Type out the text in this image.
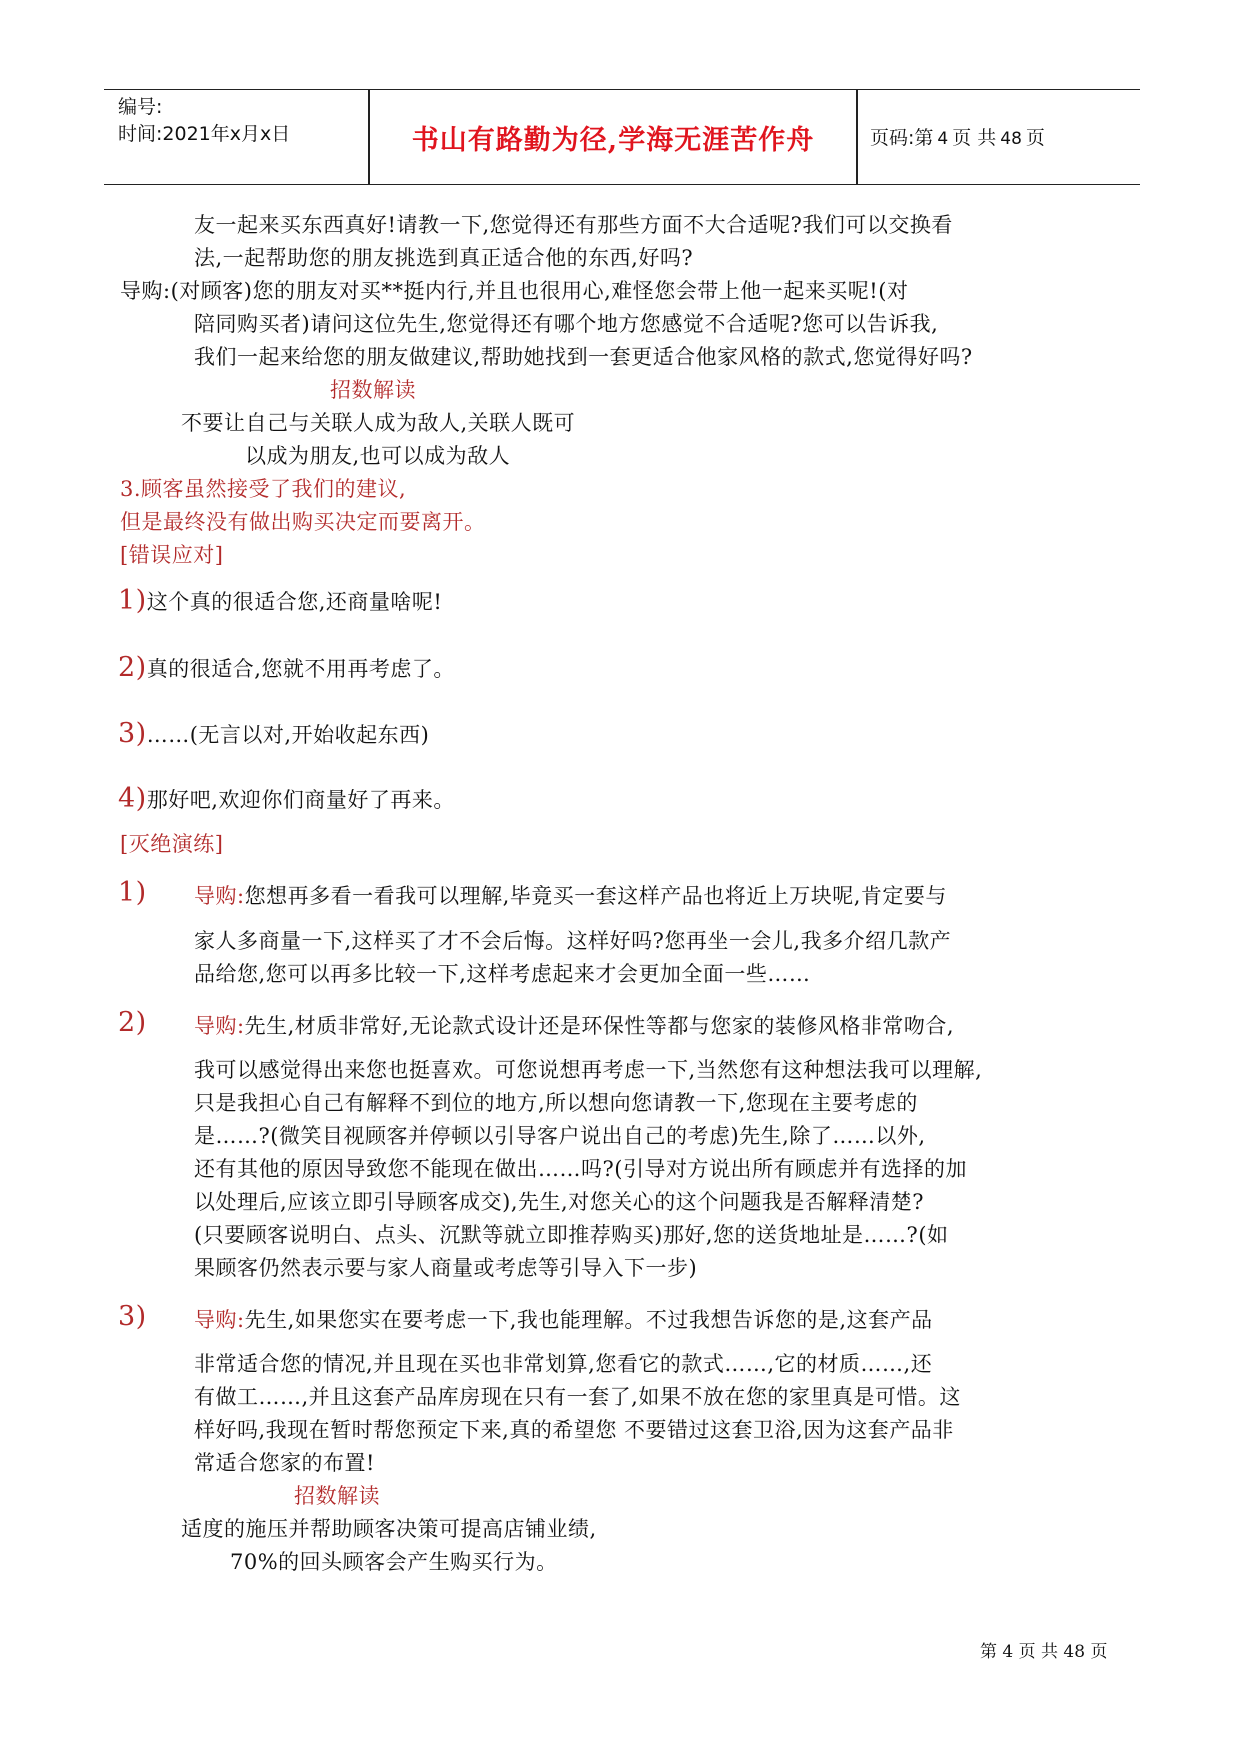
编号:
时间:2021年x月x日	书山有路勤为径,学海无涯苦作舟	页码:第 4 页 共 48 页
友一起来买东西真好!请教一下,您觉得还有那些方面不大合适呢?我们可以交换看
法,一起帮助您的朋友挑选到真正适合他的东西,好吗?
导购:(对顾客)您的朋友对买**挺内行,并且也很用心,难怪您会带上他一起来买呢!(对
陪同购买者)请问这位先生,您觉得还有哪个地方您感觉不合适呢?您可以告诉我,
我们一起来给您的朋友做建议,帮助她找到一套更适合他家风格的款式,您觉得好吗?
招数解读
不要让自己与关联人成为敌人,关联人既可
以成为朋友,也可以成为敌人
3.顾客虽然接受了我们的建议,
但是最终没有做出购买决定而要离开。
[错误应对]
1)这个真的很适合您,还商量啥呢!
2)真的很适合,您就不用再考虑了。
3)……(无言以对,开始收起东西)
4)那好吧,欢迎你们商量好了再来。
[灭绝演练]
1) 导购:您想再多看一看我可以理解,毕竟买一套这样产品也将近上万块呢,肯定要与
家人多商量一下,这样买了才不会后悔。这样好吗?您再坐一会儿,我多介绍几款产
品给您,您可以再多比较一下,这样考虑起来才会更加全面一些……
2) 导购:先生,材质非常好,无论款式设计还是环保性等都与您家的装修风格非常吻合,
我可以感觉得出来您也挺喜欢。可您说想再考虑一下,当然您有这种想法我可以理解,
只是我担心自己有解释不到位的地方,所以想向您请教一下,您现在主要考虑的
是……?(微笑目视顾客并停顿以引导客户说出自己的考虑)先生,除了……以外,
还有其他的原因导致您不能现在做出……吗?(引导对方说出所有顾虑并有选择的加
以处理后,应该立即引导顾客成交),先生,对您关心的这个问题我是否解释清楚?
(只要顾客说明白、点头、沉默等就立即推荐购买)那好,您的送货地址是……?(如
果顾客仍然表示要与家人商量或考虑等引导入下一步)
3) 导购:先生,如果您实在要考虑一下,我也能理解。不过我想告诉您的是,这套产品
非常适合您的情况,并且现在买也非常划算,您看它的款式……,它的材质……,还
有做工……,并且这套产品库房现在只有一套了,如果不放在您的家里真是可惜。这
样好吗,我现在暂时帮您预定下来,真的希望您 不要错过这套卫浴,因为这套产品非
常适合您家的布置!
招数解读
适度的施压并帮助顾客决策可提高店铺业绩,
70%的回头顾客会产生购买行为。
第 4 页 共 48 页
